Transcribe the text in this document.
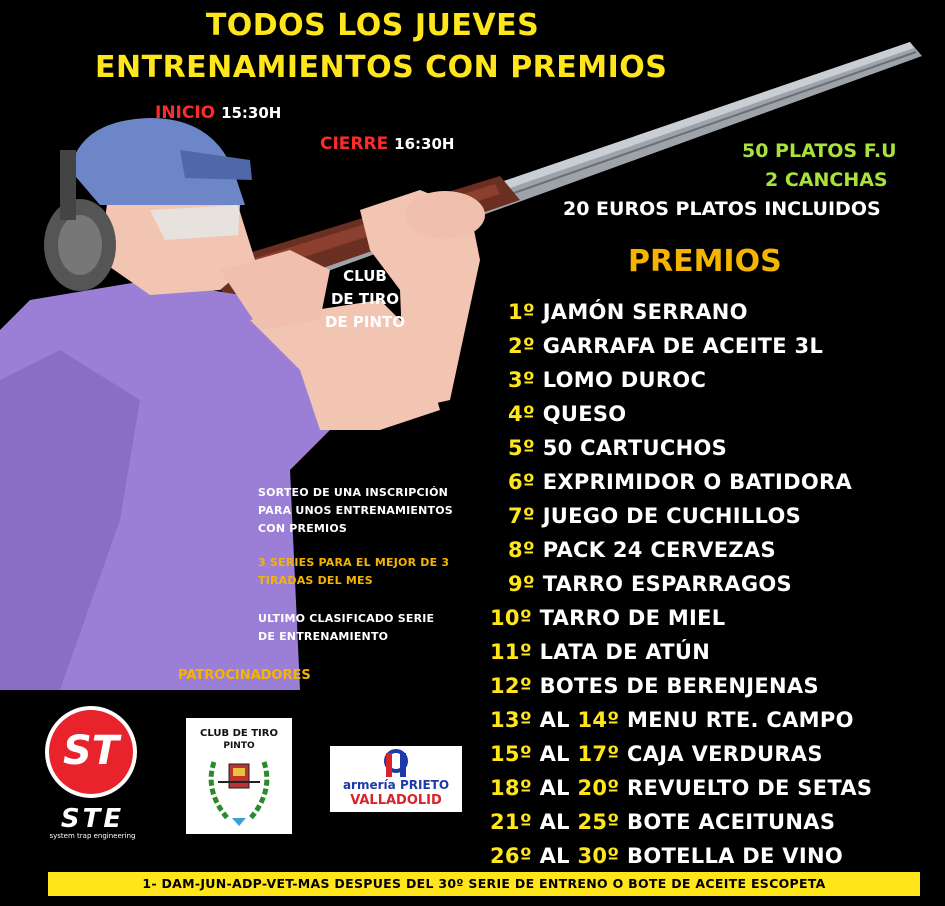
TODOS LOS JUEVES
ENTRENAMIENTOS CON PREMIOS
INICIO 15:30H
CIERRE 16:30H	50 PLATOS F.U
2 CANCHAS
20 EUROS PLATOS INCLUIDOS
PREMIOS
CLUB
DE TIRO
DE PINTO	1º JAMÓN SERRANO
2º GARRAFA DE ACEITE 3L
3º LOMO DUROC
4º QUESO
5º 50 CARTUCHOS
6º EXPRIMIDOR O BATIDORA
7º JUEGO DE CUCHILLOS
8º PACK 24 CERVEZAS
9º TARRO ESPARRAGOS
10º TARRO DE MIEL
11º LATA DE ATÚN
12º BOTES DE BERENJENAS
13º AL 14º MENU RTE. CAMPO
15º AL 17º CAJA VERDURAS
18º AL 20º REVUELTO DE SETAS
21º AL 25º BOTE ACEITUNAS
26º AL 30º BOTELLA DE VINO
SORTEO DE UNA INSCRIPCIÓN
PARA UNOS ENTRENAMIENTOS
CON PREMIOS
3 SERIES PARA EL MEJOR DE 3
TIRADAS DEL MES
ULTIMO CLASIFICADO SERIE
DE ENTRENAMIENTO
PATROCINADORES
ST
STE
system trap engineering
CLUB DE TIRO
PINTO
armería PRIETO
VALLADOLID
1- DAM-JUN-ADP-VET-MAS DESPUES DEL 30º SERIE DE ENTRENO O BOTE DE ACEITE ESCOPETA
